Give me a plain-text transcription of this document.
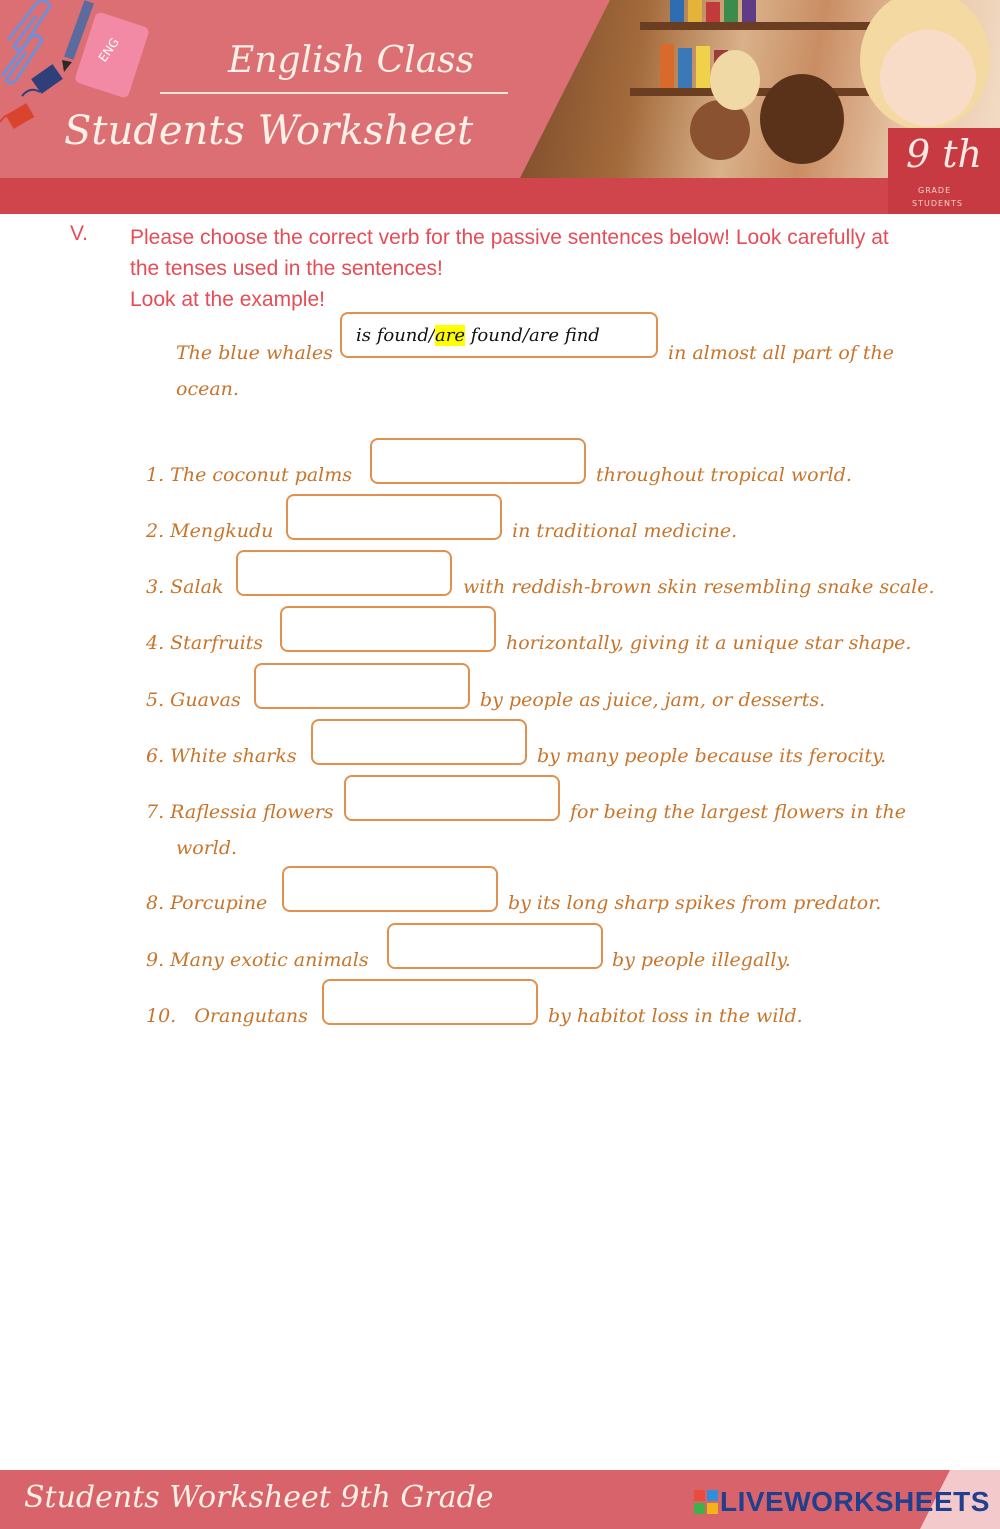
9 th
GRADE
STUDENTS
English Class
Students Worksheet
ENG
V. Please choose the correct verb for the passive sentences below! Look carefully at the tenses used in the sentences!
Look at the example!
The blue whales
is found/are found/are find
in almost all part of the
ocean.
1. The coconut palms	throughout tropical world.
2. Mengkudu	in traditional medicine.
3. Salak	with reddish-brown skin resembling snake scale.
4. Starfruits	horizontally, giving it a unique star shape.
5. Guavas	by people as juice, jam, or desserts.
6. White sharks	by many people because its ferocity.
7. Raflessia flowers	for being the largest flowers in the
world.
8. Porcupine	by its long sharp spikes from predator.
9. Many exotic animals	by people illegally.
10.   Orangutans	by habitot loss in the wild.
Students Worksheet 9th Grade	LIVEWORKSHEETS
